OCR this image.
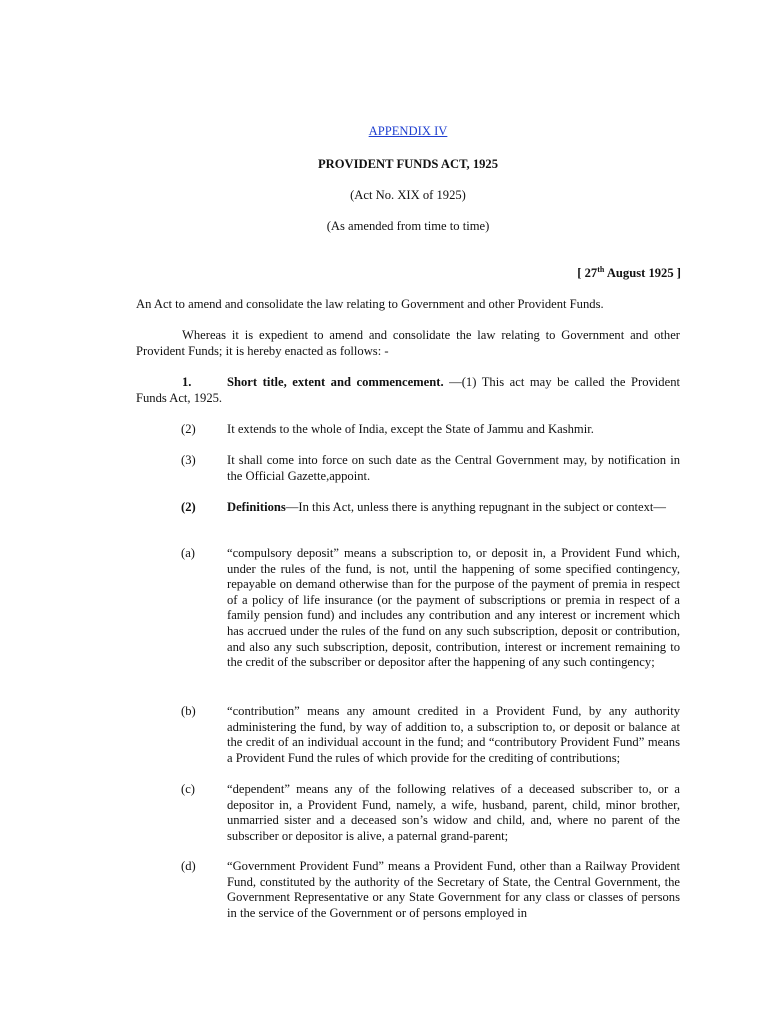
APPENDIX IV
PROVIDENT FUNDS ACT, 1925
(Act No. XIX of 1925)
(As amended from time to time)
[ 27th August 1925 ]
An Act to amend and consolidate the law relating to Government and other Provident Funds.
Whereas it is expedient to amend and consolidate the law relating to Government and other Provident Funds; it is hereby enacted as follows: -
1.	Short title, extent and commencement. —(1) This act may be called the Provident Funds Act, 1925.
(2) It extends to the whole of India, except the State of Jammu and Kashmir.
(3) It shall come into force on such date as the Central Government may, by notification in the Official Gazette,appoint.
(2) Definitions—In this Act, unless there is anything repugnant in the subject or context—
(a)	“compulsory deposit” means a subscription to, or deposit in, a Provident Fund which, under the rules of the fund, is not, until the happening of some specified contingency, repayable on demand otherwise than for the purpose of the payment of premia in respect of a policy of life insurance (or the payment of subscriptions or premia in respect of a family pension fund) and includes any contribution and any interest or increment which has accrued under the rules of the fund on any such subscription, deposit or contribution, and also any such subscription, deposit, contribution, interest or increment remaining to the credit of the subscriber or depositor after the happening of any such contingency;
(b) “contribution” means any amount credited in a Provident Fund, by any authority administering the fund, by way of addition to, a subscription to, or deposit or balance at the credit of an individual account in the fund; and “contributory Provident Fund” means a Provident Fund the rules of which provide for the crediting of contributions;
(c)	“dependent” means any of the following relatives of a deceased subscriber to, or a depositor in, a Provident Fund, namely, a wife, husband, parent, child, minor brother, unmarried sister and a deceased son’s widow and child, and, where no parent of the subscriber or depositor is alive, a paternal grand-parent;
(d) “Government Provident Fund” means a Provident Fund, other than a Railway Provident Fund, constituted by the authority of the Secretary of State, the Central Government, the Government Representative or any State Government for any class or classes of persons in the service of the Government or of persons employed in
